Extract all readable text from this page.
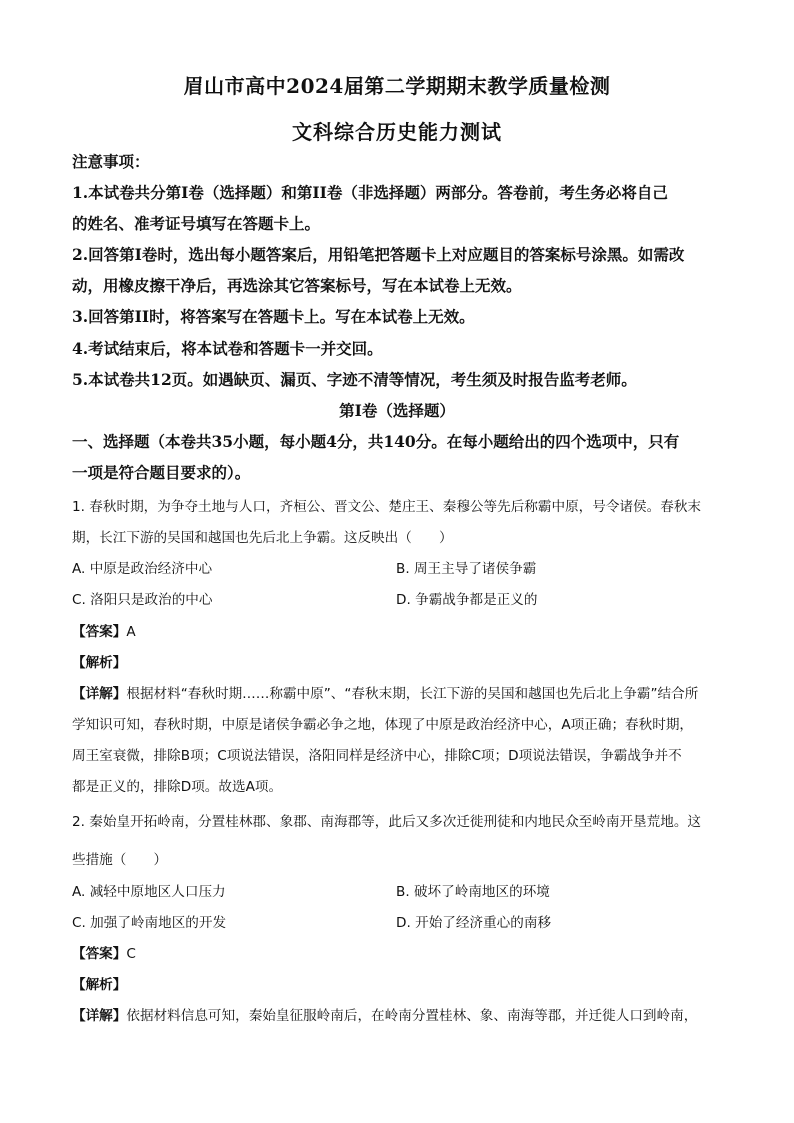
眉山市高中2024届第二学期期末教学质量检测
文科综合历史能力测试
注意事项：
1.本试卷共分第I卷（选择题）和第II卷（非选择题）两部分。答卷前，考生务必将自己
的姓名、准考证号填写在答题卡上。
2.回答第I卷时，选出每小题答案后，用铅笔把答题卡上对应题目的答案标号涂黑。如需改
动，用橡皮擦干净后，再选涂其它答案标号，写在本试卷上无效。
3.回答第II时，将答案写在答题卡上。写在本试卷上无效。
4.考试结束后，将本试卷和答题卡一并交回。
5.本试卷共12页。如遇缺页、漏页、字迹不清等情况，考生须及时报告监考老师。
第I卷（选择题）
一、选择题（本卷共35小题，每小题4分，共140分。在每小题给出的四个选项中，只有
一项是符合题目要求的）。
1. 春秋时期，为争夺土地与人口，齐桓公、晋文公、楚庄王、秦穆公等先后称霸中原，号令诸侯。春秋末
期，长江下游的吴国和越国也先后北上争霸。这反映出（　　）
A. 中原是政治经济中心	B. 周王主导了诸侯争霸
C. 洛阳只是政治的中心	D. 争霸战争都是正义的
【答案】A
【解析】
【详解】根据材料“春秋时期……称霸中原”、“春秋末期，长江下游的吴国和越国也先后北上争霸”结合所
学知识可知，春秋时期，中原是诸侯争霸必争之地，体现了中原是政治经济中心，A项正确；春秋时期，
周王室衰微，排除B项；C项说法错误，洛阳同样是经济中心，排除C项；D项说法错误，争霸战争并不
都是正义的，排除D项。故选A项。
2. 秦始皇开拓岭南，分置桂林郡、象郡、南海郡等，此后又多次迁徙刑徒和内地民众至岭南开垦荒地。这
些措施（　　）
A. 减轻中原地区人口压力	B. 破坏了岭南地区的环境
C. 加强了岭南地区的开发	D. 开始了经济重心的南移
【答案】C
【解析】
【详解】依据材料信息可知，秦始皇征服岭南后，在岭南分置桂林、象、南海等郡，并迁徙人口到岭南，
